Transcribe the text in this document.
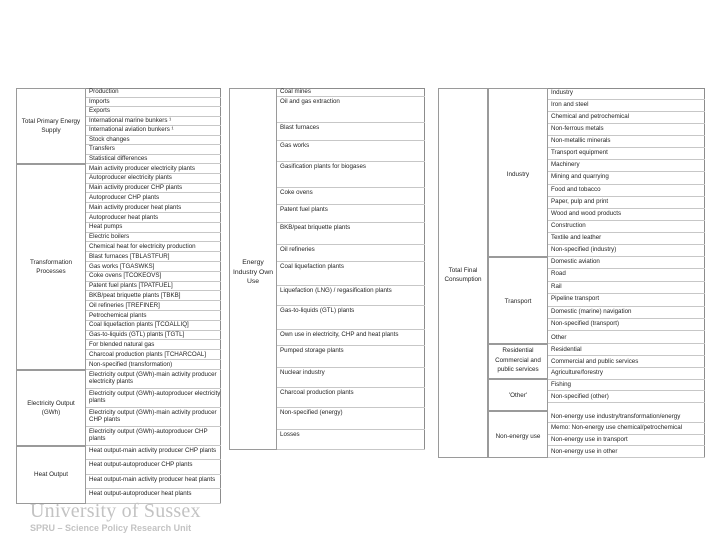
Total Primary Energy Supply
Transformation Processes
Electricity Output (GWh)
Heat Output
Production
Imports
Exports
International marine bunkers ¹
International aviation bunkers ¹
Stock changes
Transfers
Statistical differences
Main activity producer electricity plants
Autoproducer electricity plants
Main activity producer CHP plants
Autoproducer CHP plants
Main activity producer heat plants
Autoproducer heat plants
Heat pumps
Electric boilers
Chemical heat for electricity production
Blast furnaces [TBLASTFUR]
Gas works [TGASWKS]
Coke ovens [TCOKEOVS]
Patent fuel plants [TPATFUEL]
BKB/peat briquette plants [TBKB]
Oil refineries [TREFINER]
Petrochemical plants
Coal liquefaction plants [TCOALLIQ]
Gas-to-liquids (GTL) plants [TGTL]
For blended natural gas
Charcoal production plants [TCHARCOAL]
Non-specified (transformation)
Electricity output (GWh)-main activity producer electricity plants
Electricity output (GWh)-autoproducer electricity plants
Electricity output (GWh)-main activity producer CHP plants
Electricity output (GWh)-autoproducer CHP plants
Heat output-main activity producer CHP plants
Heat output-autoproducer CHP plants
Heat output-main activity producer heat plants
Heat output-autoproducer heat plants
Energy Industry Own Use
Coal mines
Oil and gas extraction
Blast furnaces
Gas works
Gasification plants for biogases
Coke ovens
Patent fuel plants
BKB/peat briquette plants
Oil refineries
Coal liquefaction plants
Liquefaction (LNG) / regasification plants
Gas-to-liquids (GTL) plants
Own use in electricity, CHP and heat plants
Pumped storage plants
Nuclear industry
Charcoal production plants
Non-specified (energy)
Losses
Total Final Consumption
Industry
Transport
Residential
Commercial and public services
'Other'
Non-energy use
Industry
Iron and steel
Chemical and petrochemical
Non-ferrous metals
Non-metallic minerals
Transport equipment
Machinery
Mining and quarrying
Food and tobacco
Paper, pulp and print
Wood and wood products
Construction
Textile and leather
Non-specified (industry)
Domestic aviation
Road
Rail
Pipeline transport
Domestic (marine) navigation
Non-specified (transport)
Other
Residential
Commercial and public services
Agriculture/forestry
Fishing
Non-specified (other)
Non-energy use industry/transformation/energy
Memo: Non-energy use chemical/petrochemical
Non-energy use in transport
Non-energy use in other
University of Sussex
SPRU – Science Policy Research Unit
